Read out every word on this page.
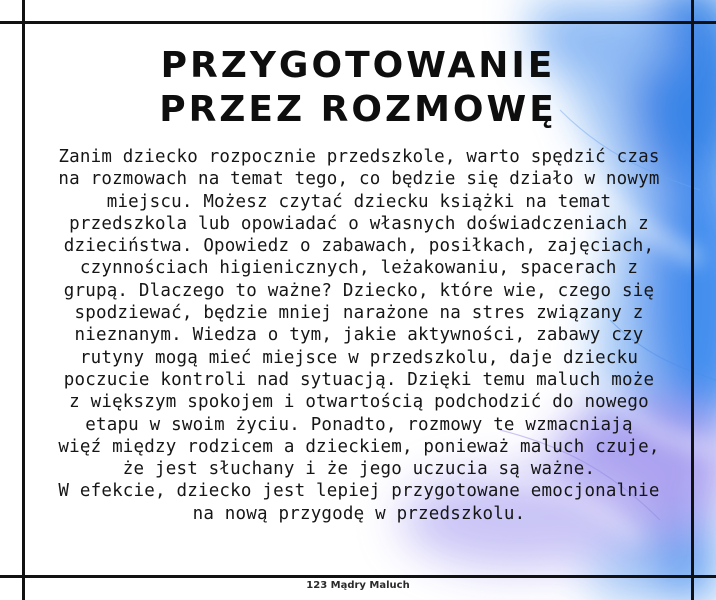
PRZYGOTOWANIE
PRZEZ ROZMOWĘ
Zanim dziecko rozpocznie przedszkole, warto spędzić czas
na rozmowach na temat tego, co będzie się działo w nowym
miejscu. Możesz czytać dziecku książki na temat
przedszkola lub opowiadać o własnych doświadczeniach z
dzieciństwa. Opowiedz o zabawach, posiłkach, zajęciach,
czynnościach higienicznych, leżakowaniu, spacerach z
grupą. Dlaczego to ważne? Dziecko, które wie, czego się
spodziewać, będzie mniej narażone na stres związany z
nieznanym. Wiedza o tym, jakie aktywności, zabawy czy
rutyny mogą mieć miejsce w przedszkolu, daje dziecku
poczucie kontroli nad sytuacją. Dzięki temu maluch może
z większym spokojem i otwartością podchodzić do nowego
etapu w swoim życiu. Ponadto, rozmowy te wzmacniają
więź między rodzicem a dzieckiem, ponieważ maluch czuje,
że jest słuchany i że jego uczucia są ważne.
W efekcie, dziecko jest lepiej przygotowane emocjonalnie
na nową przygodę w przedszkolu.
123 Mądry Maluch
